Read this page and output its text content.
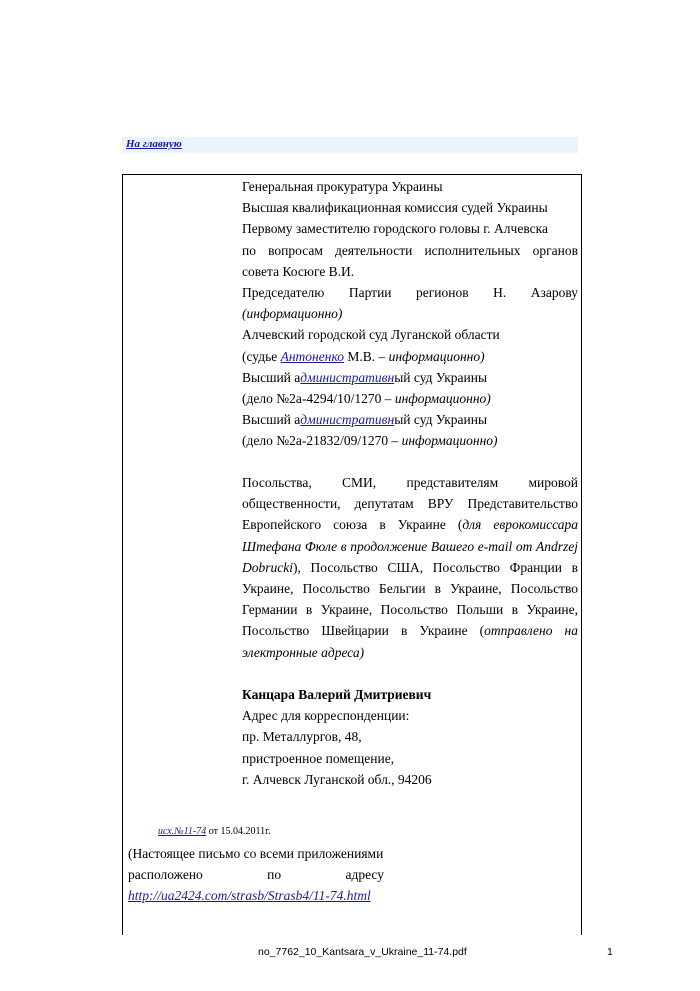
На главную

Генеральная прокуратура Украины

Высшая квалификационная комиссия судей Украины

Первому заместителю городского головы г. Алчевска

по вопросам деятельности исполнительных органов

совета Косюге В.И.

Председателю Партии регионов Н. Азарову

(информационно)

Алчевский городской суд Луганской области

(судье Антоненко М.В. – информационно)

Высший административный суд Украины

(дело №2а-4294/10/1270 – информационно)

Высший административный суд Украины

(дело №2а-21832/09/1270 – информационно)

Посольства, СМИ, представителям мировой

общественности, депутатам ВРУ Представительство

Европейского союза в Украине (для еврокомиссара

Штефана Фюле в продолжение Вашего e-mail от Andrzej

Dobrucki), Посольство США, Посольство Франции в

Украине, Посольство Бельгии в Украине, Посольство

Германии в Украине, Посольство Польши в Украине,

Посольство Швейцарии в Украине (отправлено на

электронные адреса)

Канцара Валерий Дмитриевич

Адрес для корреспонденции:

пр. Металлургов, 48,

пристроенное помещение,

г. Алчевск Луганской обл., 94206

исх.№11-74 от 15.04.2011г.

(Настоящее письмо со всеми приложениями

расположено по адресу

http://ua2424.com/strasb/Strasb4/11-74.html

no_7762_10_Kantsara_v_Ukraine_11-74.pdf	1
